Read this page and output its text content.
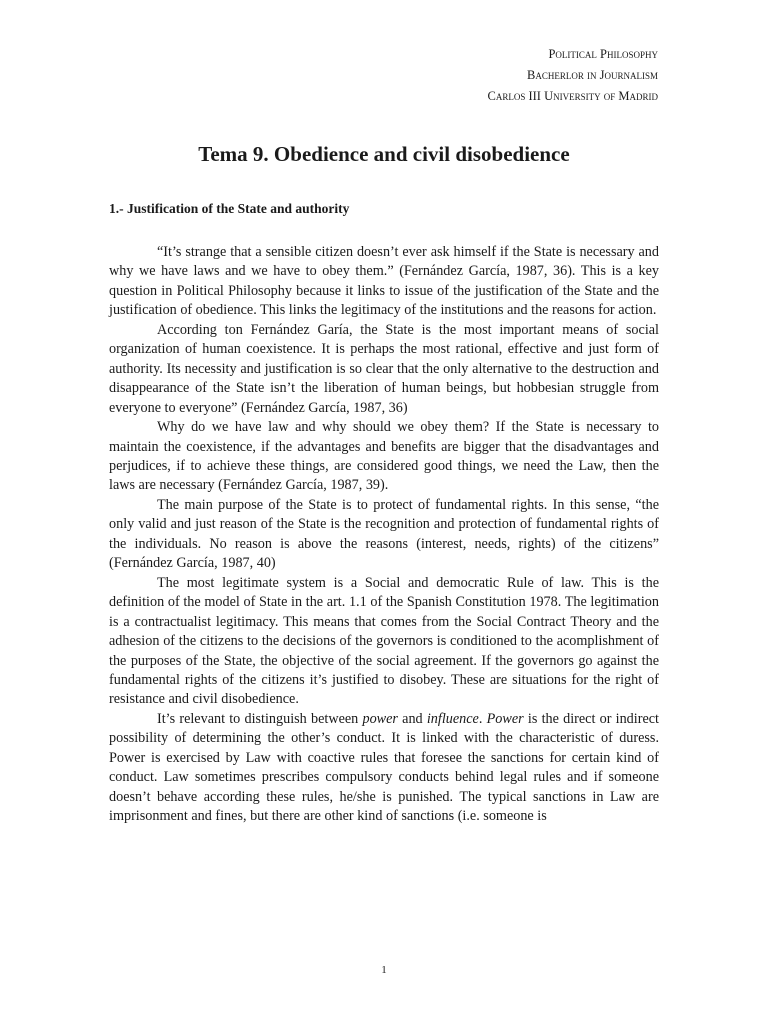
Political Philosophy
Bacherlor in Journalism
Carlos III University of Madrid
Tema 9. Obedience and civil disobedience
1.- Justification of the State and authority

“It’s strange that a sensible citizen doesn’t ever ask himself if the State is necessary and why we have laws and we have to obey them.” (Fernández García, 1987, 36). This is a key question in Political Philosophy because it links to issue of the justification of the State and the justification of obedience. This links the legitimacy of the institutions and the reasons for action.

According ton Fernández Garía, the State is the most important means of social organization of human coexistence. It is perhaps the most rational, effective and just form of authority. Its necessity and justification is so clear that the only alternative to the destruction and disappearance of the State isn’t the liberation of human beings, but hobbesian struggle from everyone to everyone” (Fernández García, 1987, 36)

Why do we have law and why should we obey them? If the State is necessary to maintain the coexistence, if the advantages and benefits are bigger that the disadvantages and perjudices, if to achieve these things, are considered good things, we need the Law, then the laws are necessary (Fernández García, 1987, 39).

The main purpose of the State is to protect of fundamental rights. In this sense, “the only valid and just reason of the State is the recognition and protection of fundamental rights of the individuals. No reason is above the reasons (interest, needs, rights) of the citizens” (Fernández García, 1987, 40)

The most legitimate system is a Social and democratic Rule of law. This is the definition of the model of State in the art. 1.1 of the Spanish Constitution 1978. The legitimation is a contractualist legitimacy. This means that comes from the Social Contract Theory and the adhesion of the citizens to the decisions of the governors is conditioned to the acomplishment of the purposes of the State, the objective of the social agreement. If the governors go against the fundamental rights of the citizens it’s justified to disobey. These are situations for the right of resistance and civil disobedience.

It’s relevant to distinguish between power and influence. Power is the direct or indirect possibility of determining the other’s conduct. It is linked with the characteristic of duress. Power is exercised by Law with coactive rules that foresee the sanctions for certain kind of conduct. Law sometimes prescribes compulsory conducts behind legal rules and if someone doesn’t behave according these rules, he/she is punished. The typical sanctions in Law are imprisonment and fines, but there are other kind of sanctions (i.e. someone is

1
